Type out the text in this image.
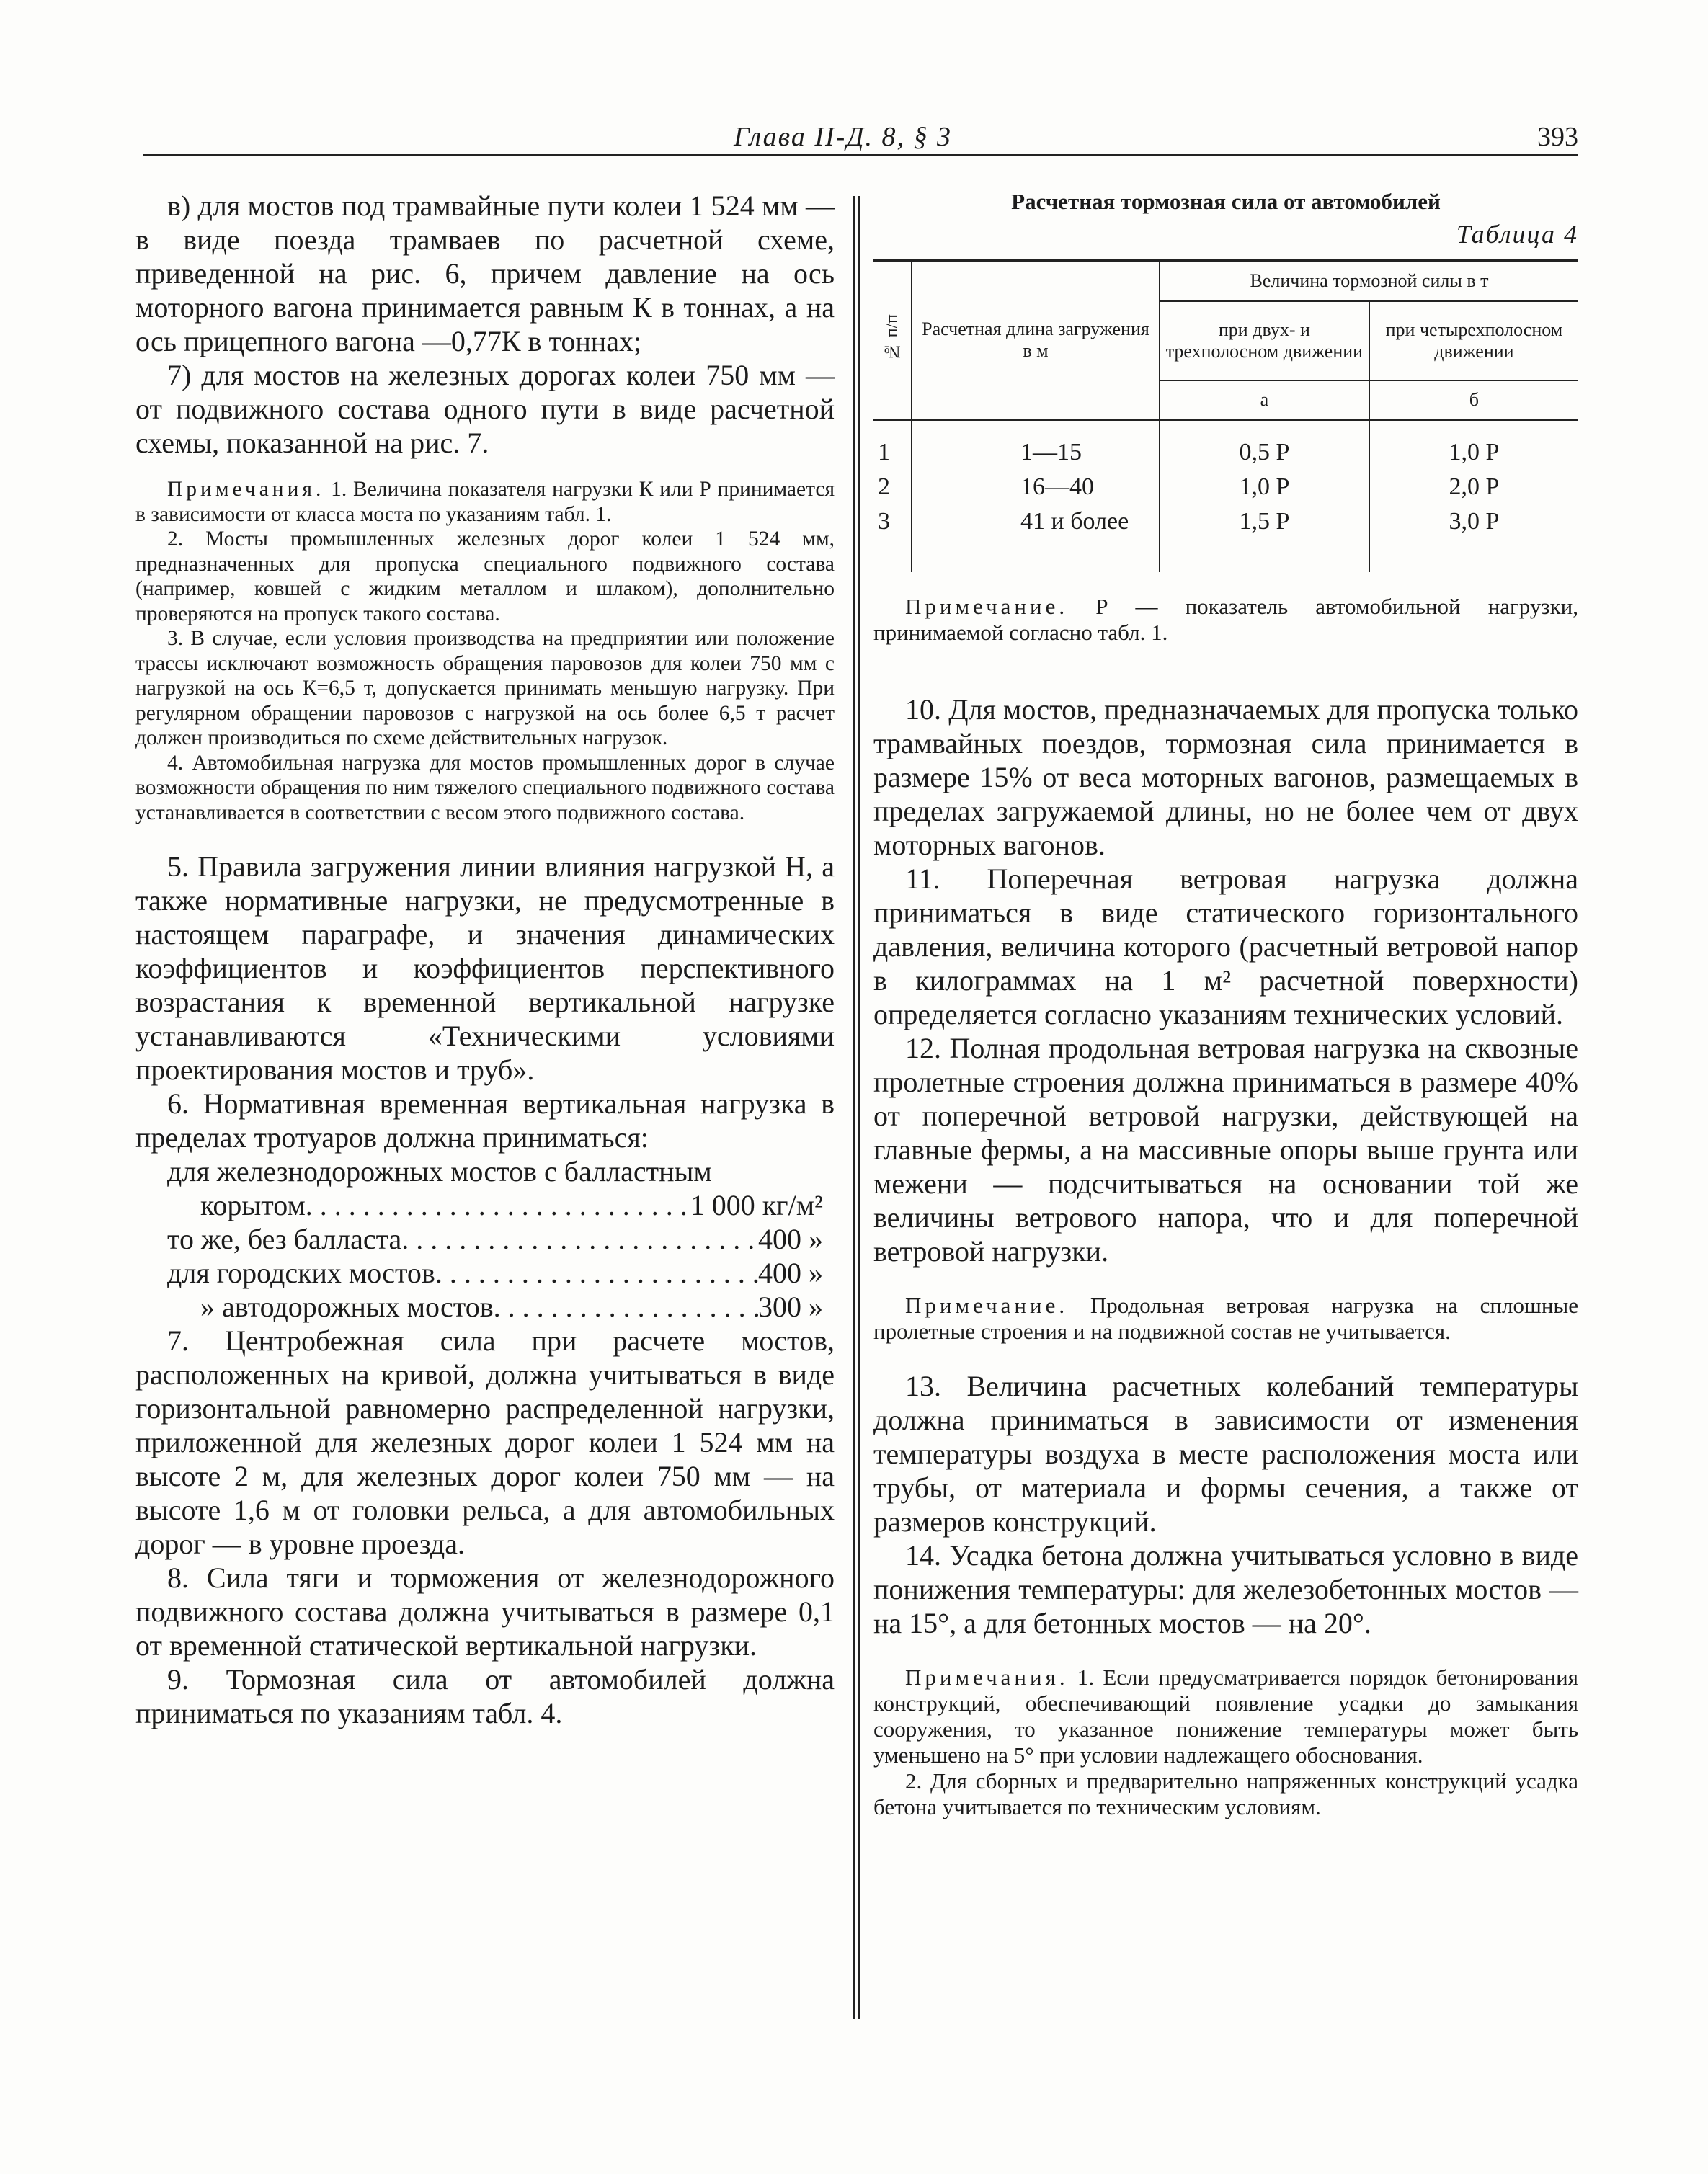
Глава II-Д. 8, § 3	393

в) для мостов под трамвайные пути колеи 1 524 мм — в виде поезда трамваев по расчетной схеме, приведенной на рис. 6, причем давление на ось моторного вагона принимается равным К в тоннах, а на ось прицепного вагона —0,77К в тоннах;

7) для мостов на железных дорогах колеи 750 мм — от подвижного состава одного пути в виде расчетной схемы, показанной на рис. 7.

Примечания. 1. Величина показателя нагрузки К или Р принимается в зависимости от класса моста по указаниям табл. 1.

2. Мосты промышленных железных дорог колеи 1 524 мм, предназначенных для пропуска специального подвижного состава (например, ковшей с жидким металлом и шлаком), дополнительно проверяются на пропуск такого состава.

3. В случае, если условия производства на предприятии или положение трассы исключают возможность обращения паровозов для колеи 750 мм с нагрузкой на ось К=6,5 т, допускается принимать меньшую нагрузку. При регулярном обращении паровозов с нагрузкой на ось более 6,5 т расчет должен производиться по схеме действительных нагрузок.

4. Автомобильная нагрузка для мостов промышленных дорог в случае возможности обращения по ним тяжелого специального подвижного состава устанавливается в соответствии с весом этого подвижного состава.

5. Правила загружения линии влияния нагрузкой Н, а также нормативные нагрузки, не предусмотренные в настоящем параграфе, и значения динамических коэффициентов и коэффициентов перспективного возрастания к временной вертикальной нагрузке устанавливаются «Техническими условиями проектирования мостов и труб».

6. Нормативная временная вертикальная нагрузка в пределах тротуаров должна приниматься:

для железнодорожных мостов с балластным

корытом . . .	1 000 кг/м²
то же, без балласта . . .	400 »
для городских мостов . . .	400 »
» автодорожных мостов . . .	300 »

7. Центробежная сила при расчете мостов, расположенных на кривой, должна учитываться в виде горизонтальной равномерно распределенной нагрузки, приложенной для железных дорог колеи 1 524 мм на высоте 2 м, для железных дорог колеи 750 мм — на высоте 1,6 м от головки рельса, а для автомобильных дорог — в уровне проезда.

8. Сила тяги и торможения от железнодорожного подвижного состава должна учитываться в размере 0,1 от временной статической вертикальной нагрузки.

9. Тормозная сила от автомобилей должна приниматься по указаниям табл. 4.

Расчетная тормозная сила от автомобилей

Таблица 4

№ п/п	Расчетная длина загружения в м	Величина тормозной силы в т	
		при двух- и трехполосном движении	при четырехполосном движении
		а	б
1	1—15	0,5 Р	1,0 Р
2	16—40	1,0 Р	2,0 Р
3	41 и более	1,5 Р	3,0 Р

Примечание. Р — показатель автомобильной нагрузки, принимаемой согласно табл. 1.

10. Для мостов, предназначаемых для пропуска только трамвайных поездов, тормозная сила принимается в размере 15% от веса моторных вагонов, размещаемых в пределах загружаемой длины, но не более чем от двух моторных вагонов.

11. Поперечная ветровая нагрузка должна приниматься в виде статического горизонтального давления, величина которого (расчетный ветровой напор в килограммах на 1 м² расчетной поверхности) определяется согласно указаниям технических условий.

12. Полная продольная ветровая нагрузка на сквозные пролетные строения должна приниматься в размере 40% от поперечной ветровой нагрузки, действующей на главные фермы, а на массивные опоры выше грунта или межени — подсчитываться на основании той же величины ветрового напора, что и для поперечной ветровой нагрузки.

Примечание. Продольная ветровая нагрузка на сплошные пролетные строения и на подвижной состав не учитывается.

13. Величина расчетных колебаний температуры должна приниматься в зависимости от изменения температуры воздуха в месте расположения моста или трубы, от материала и формы сечения, а также от размеров конструкций.

14. Усадка бетона должна учитываться условно в виде понижения температуры: для железобетонных мостов — на 15°, а для бетонных мостов — на 20°.

Примечания. 1. Если предусматривается порядок бетонирования конструкций, обеспечивающий появление усадки до замыкания сооружения, то указанное понижение температуры может быть уменьшено на 5° при условии надлежащего обоснования.

2. Для сборных и предварительно напряженных конструкций усадка бетона учитывается по техническим условиям.
